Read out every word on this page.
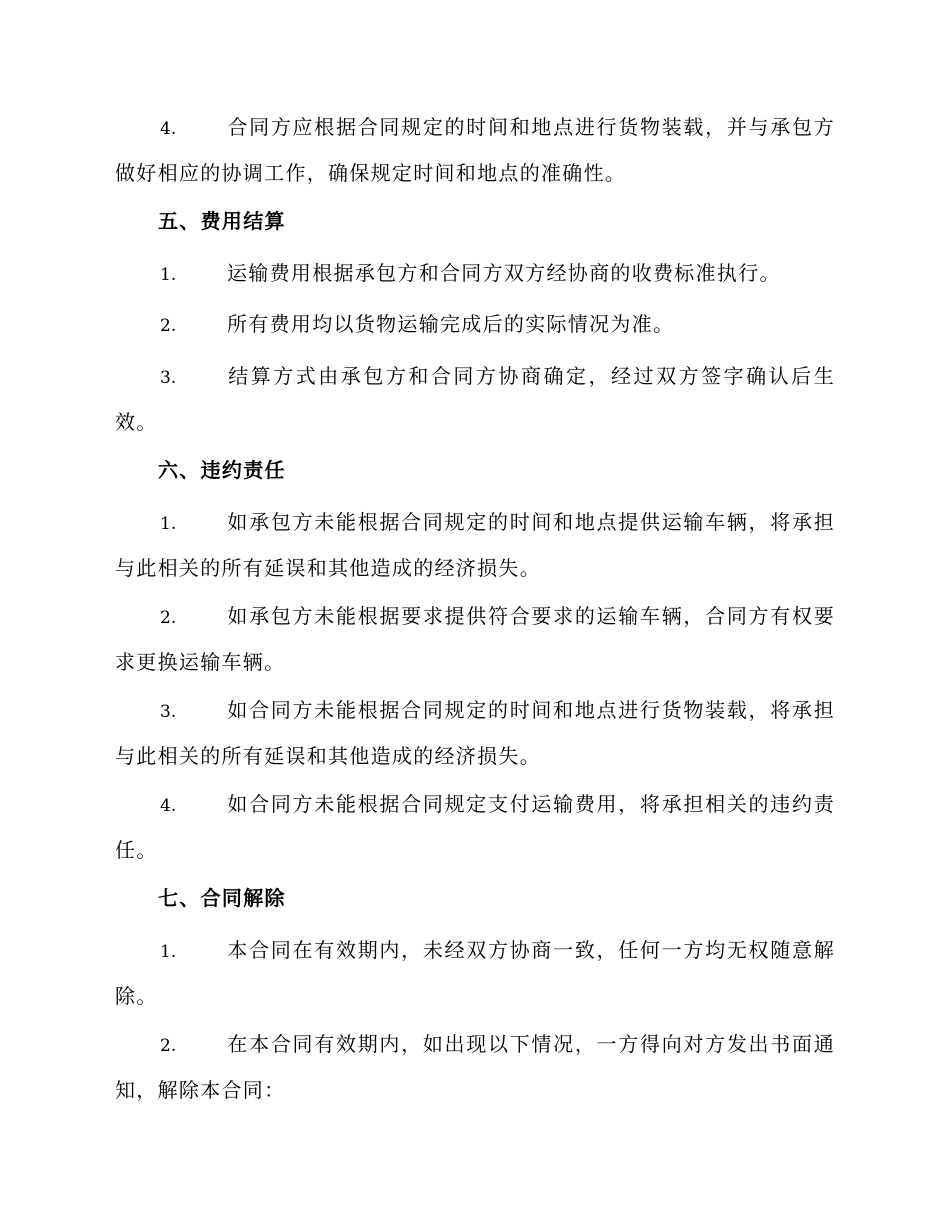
4.	合同方应根据合同规定的时间和地点进行货物装载，并与承包方做好相应的协调工作，确保规定时间和地点的准确性。
五、费用结算
1.	运输费用根据承包方和合同方双方经协商的收费标准执行。
2.	所有费用均以货物运输完成后的实际情况为准。
3.	结算方式由承包方和合同方协商确定，经过双方签字确认后生效。
六、违约责任
1.	如承包方未能根据合同规定的时间和地点提供运输车辆，将承担与此相关的所有延误和其他造成的经济损失。
2.	如承包方未能根据要求提供符合要求的运输车辆，合同方有权要求更换运输车辆。
3.	如合同方未能根据合同规定的时间和地点进行货物装载，将承担与此相关的所有延误和其他造成的经济损失。
4.	如合同方未能根据合同规定支付运输费用，将承担相关的违约责任。
七、合同解除
1.	本合同在有效期内，未经双方协商一致，任何一方均无权随意解除。
2.	在本合同有效期内，如出现以下情况，一方得向对方发出书面通知，解除本合同：
